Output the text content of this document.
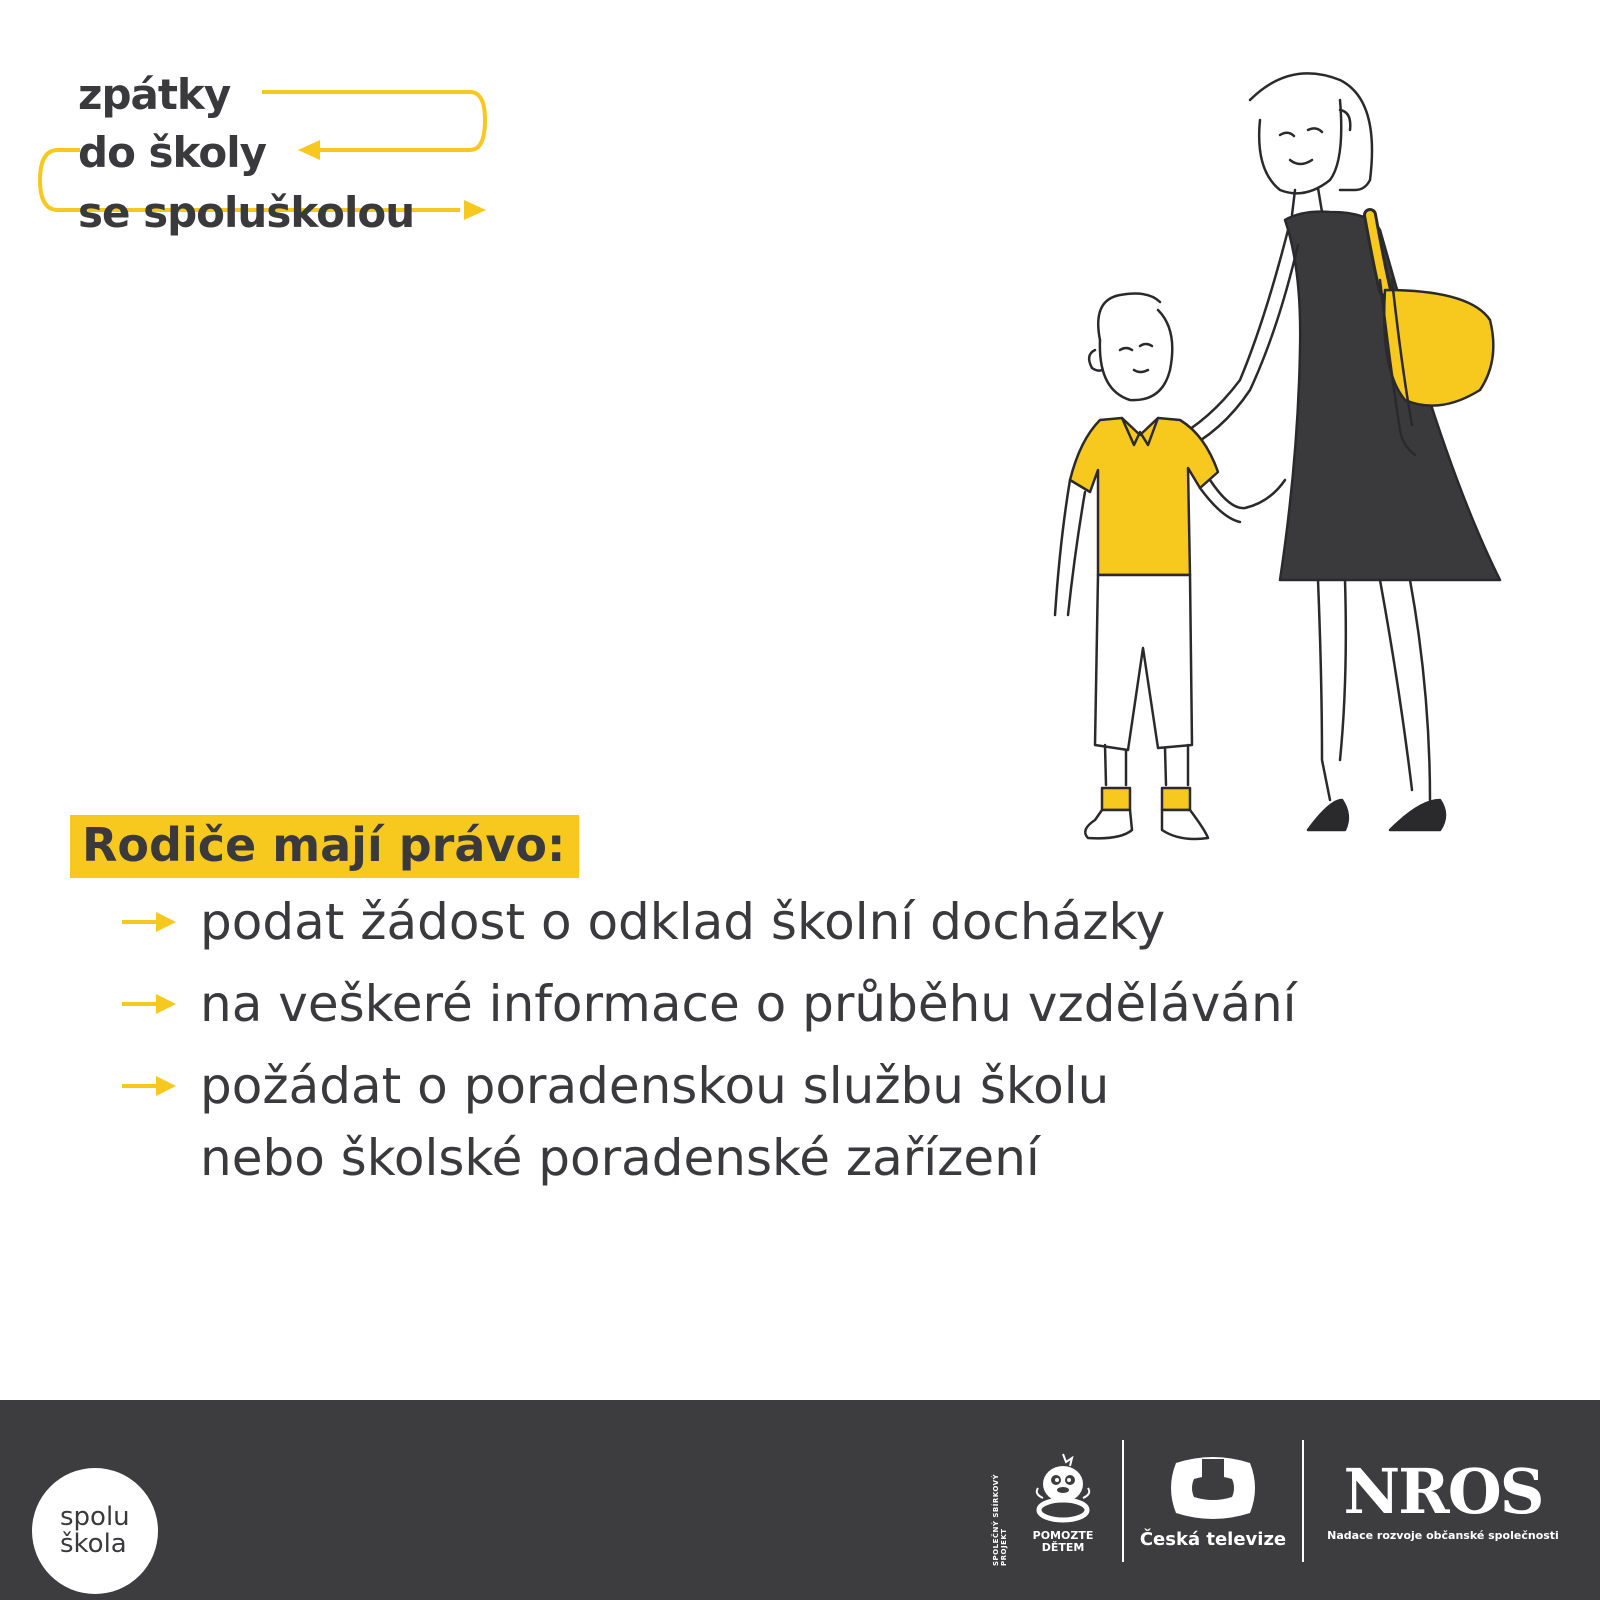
zpátky
do školy
se spoluškolou
Rodiče mají právo:
podat žádost o odklad školní docházky
na veškeré informace o průběhu vzdělávání
požádat o poradenskou službu školu
nebo školské poradenské zařízení
spolu
škola	SPOLEČNÝ SBÍRKOVÝ PROJEKT	POMOZTE DĚTEM	Česká televize
NROS
Nadace rozvoje občanské společnosti
